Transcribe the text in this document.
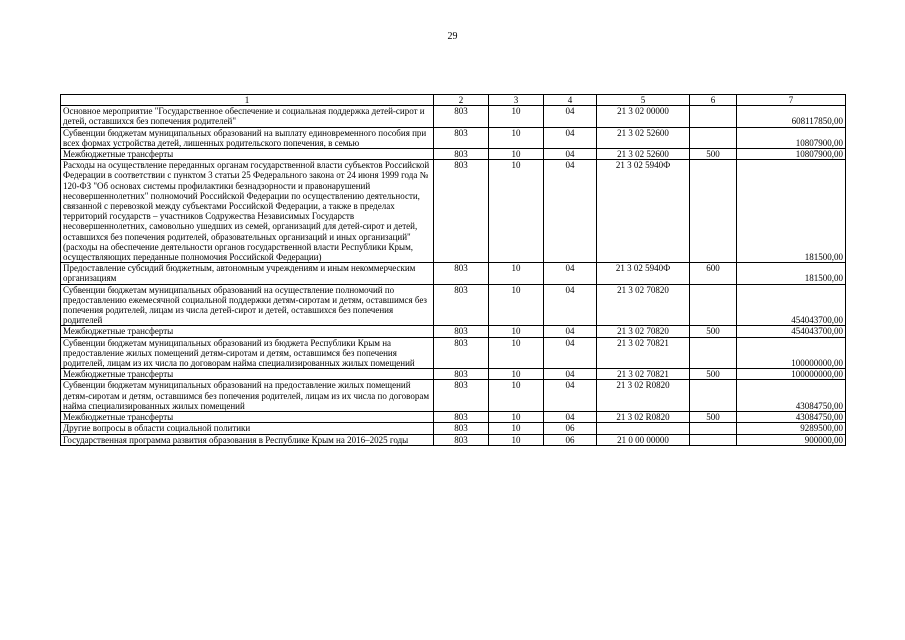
29
1	2	3	4	5	6	7
Основное мероприятие "Государственное обеспечение и социальная поддержка детей-сирот и детей, оставшихся без попечения родителей"	803	10	04	21 3 02 00000		608117850,00
Субвенции бюджетам муниципальных образований на выплату единовременного пособия при всех формах устройства детей, лишенных родительского попечения, в семью	803	10	04	21 3 02 52600		10807900,00
Межбюджетные трансферты	803	10	04	21 3 02 52600	500	10807900,00
Расходы на осуществление переданных органам государственной власти субъектов Российской Федерации в соответствии с пунктом 3 статьи 25 Федерального закона от 24 июня 1999 года № 120-ФЗ "Об основах системы профилактики безнадзорности и правонарушений несовершеннолетних" полномочий Российской Федерации по осуществлению деятельности, связанной с перевозкой между субъектами Российской Федерации, а также в пределах территорий государств – участников Содружества Независимых Государств несовершеннолетних, самовольно ушедших из семей, организаций для детей-сирот и детей, оставшихся без попечения родителей, образовательных организаций и иных организаций" (расходы на обеспечение деятельности органов государственной власти Республики Крым, осуществляющих переданные полномочия Российской Федерации)	803	10	04	21 3 02 5940Ф		181500,00
Предоставление субсидий бюджетным, автономным учреждениям и иным некоммерческим организациям	803	10	04	21 3 02 5940Ф	600	181500,00
Субвенции бюджетам муниципальных образований на осуществление полномочий по предоставлению ежемесячной социальной поддержки детям-сиротам и детям, оставшимся без попечения родителей, лицам из числа детей-сирот и детей, оставшихся без попечения родителей	803	10	04	21 3 02 70820		454043700,00
Межбюджетные трансферты	803	10	04	21 3 02 70820	500	454043700,00
Субвенции бюджетам муниципальных образований из бюджета Республики Крым на предоставление жилых помещений детям-сиротам и детям, оставшимся без попечения родителей, лицам из их числа по договорам найма специализированных жилых помещений	803	10	04	21 3 02 70821		100000000,00
Межбюджетные трансферты	803	10	04	21 3 02 70821	500	100000000,00
Субвенции бюджетам муниципальных образований на предоставление жилых помещений детям-сиротам и детям, оставшимся без попечения родителей, лицам из их числа по договорам найма специализированных жилых помещений	803	10	04	21 3 02 R0820		43084750,00
Межбюджетные трансферты	803	10	04	21 3 02 R0820	500	43084750,00
Другие вопросы в области социальной политики	803	10	06			9289500,00
Государственная программа развития образования в Республике Крым на 2016–2025 годы	803	10	06	21 0 00 00000		900000,00
